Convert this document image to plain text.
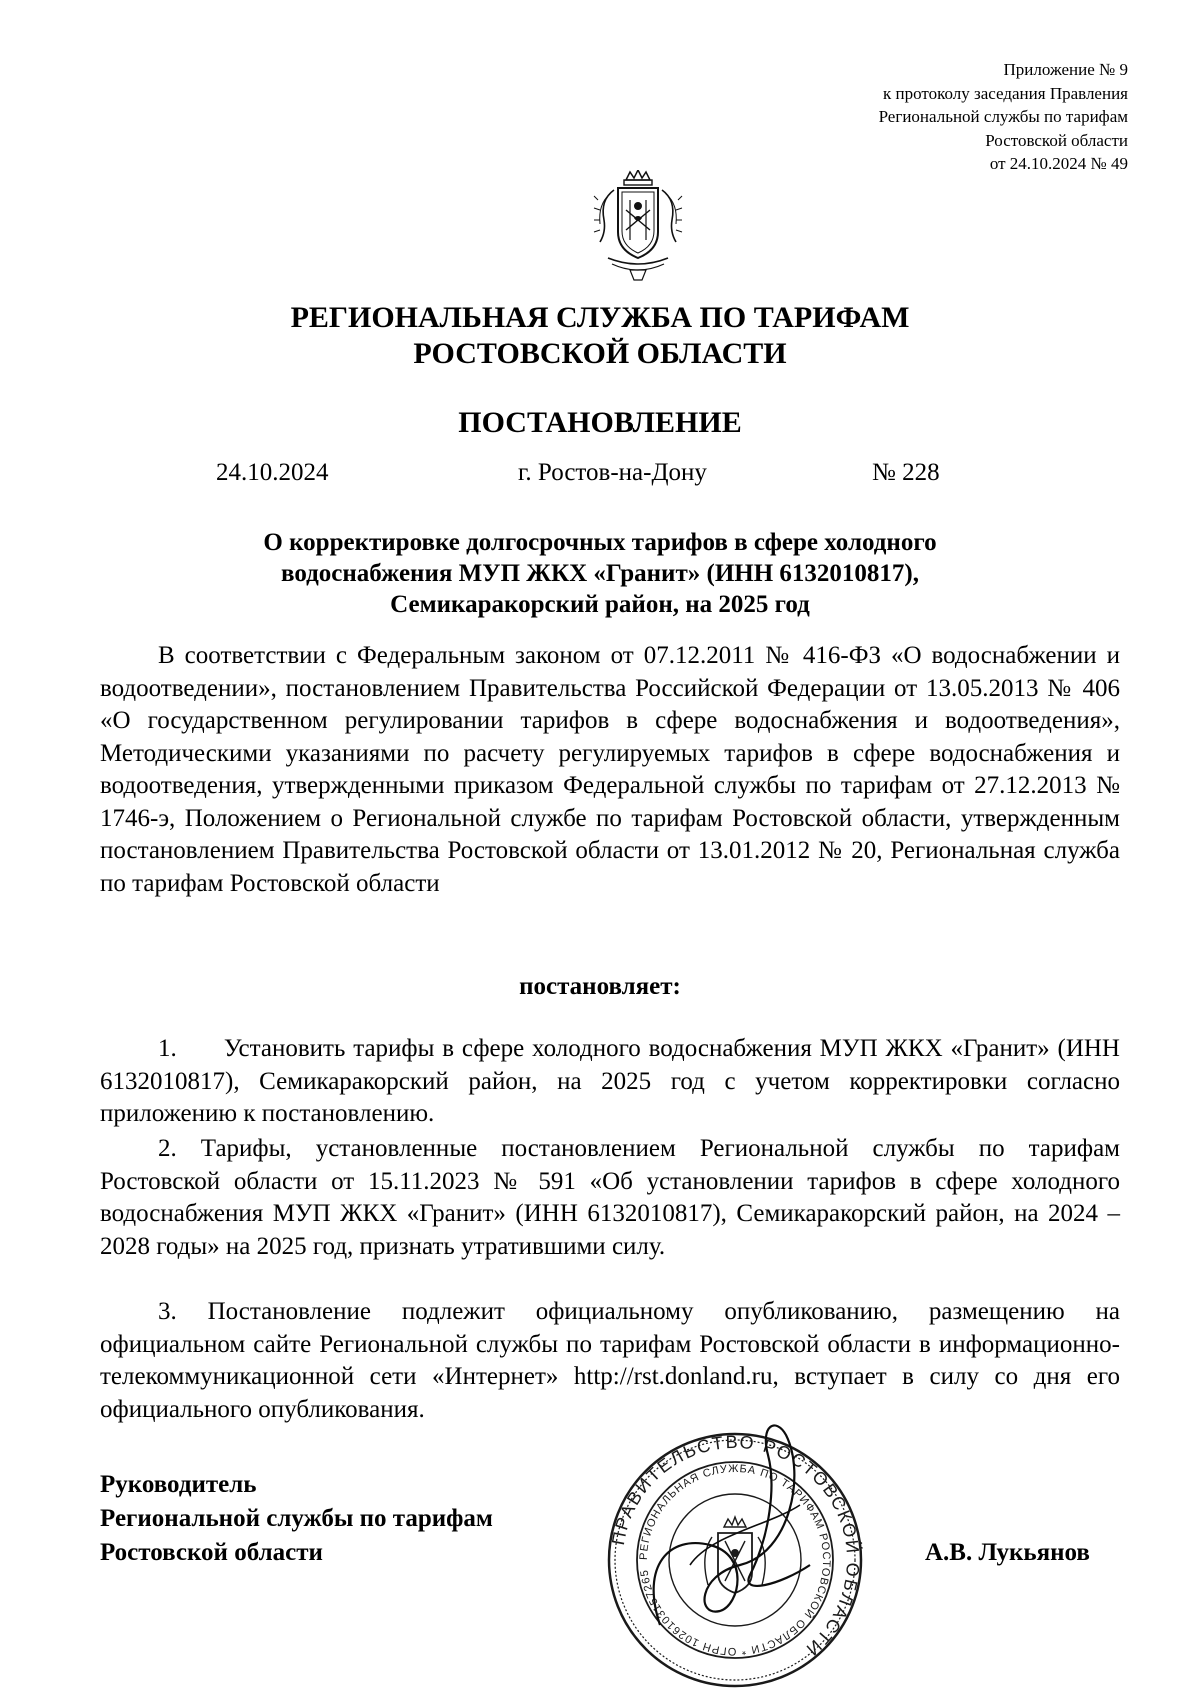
Приложение № 9
к протоколу заседания Правления
Региональной службы по тарифам
Ростовской области
от 24.10.2024 № 49
РЕГИОНАЛЬНАЯ СЛУЖБА ПО ТАРИФАМ
РОСТОВСКОЙ ОБЛАСТИ
ПОСТАНОВЛЕНИЕ
24.10.2024	г. Ростов-на-Дону	№ 228
О корректировке долгосрочных тарифов в сфере холодного
водоснабжения МУП ЖКХ «Гранит» (ИНН 6132010817),
Семикаракорский район, на 2025 год
В соответствии с Федеральным законом от 07.12.2011 № 416-ФЗ «О водоснабжении и водоотведении», постановлением Правительства Российской Федерации от 13.05.2013 № 406 «О государственном регулировании тарифов в сфере водоснабжения и водоотведения», Методическими указаниями по расчету регулируемых тарифов в сфере водоснабжения и водоотведения, утвержденными приказом Федеральной службы по тарифам от 27.12.2013 № 1746-э, Положением о Региональной службе по тарифам Ростовской области, утвержденным постановлением Правительства Ростовской области от 13.01.2012 № 20, Региональная служба по тарифам Ростовской области
постановляет:
1.      Установить тарифы в сфере холодного водоснабжения МУП ЖКХ «Гранит» (ИНН 6132010817), Семикаракорский район, на 2025 год с учетом корректировки согласно приложению к постановлению.
2. Тарифы, установленные постановлением Региональной службы по тарифам Ростовской области от 15.11.2023 № 591 «Об установлении тарифов в сфере холодного водоснабжения МУП ЖКХ «Гранит» (ИНН 6132010817), Семикаракорский район, на 2024 – 2028 годы» на 2025 год, признать утратившими силу.
3. Постановление подлежит официальному опубликованию, размещению на официальном сайте Региональной службы по тарифам Ростовской области в информационно-телекоммуникационной сети «Интернет» http://rst.donland.ru, вступает в силу со дня его официального опубликования.
Руководитель
Региональной службы по тарифам
Ростовской области
ПРАВИТЕЛЬСТВО РОСТОВСКОЙ ОБЛАСТИ
РЕГИОНАЛЬНАЯ СЛУЖБА ПО ТАРИФАМ РОСТОВСКОЙ ОБЛАСТИ * ОГРН 1026103157265
А.В. Лукьянов
